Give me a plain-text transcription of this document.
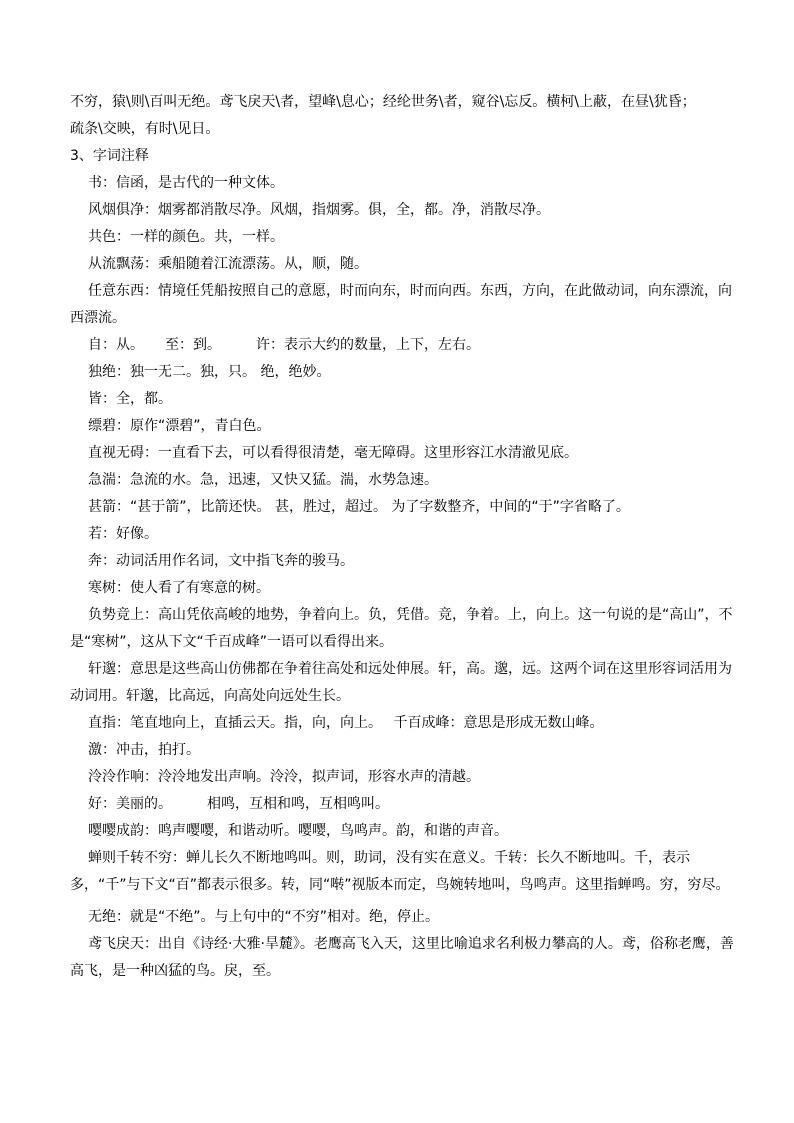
不穷，猿\则\百叫无绝。鸢飞戾天\者，望峰\息心；经纶世务\者，窥谷\忘反。横柯\上蔽，在昼\犹昏；

疏条\交映，有时\见日。

3、字词注释

书：信函，是古代的一种文体。

风烟俱净：烟雾都消散尽净。风烟，指烟雾。俱，全，都。净，消散尽净。

共色：一样的颜色。共，一样。

从流飘荡：乘船随着江流漂荡。从，顺，随。

任意东西：情境任凭船按照自己的意愿，时而向东，时而向西。东西，方向，在此做动词，向东漂流，向西漂流。

自：从。　　至：到。　　　许：表示大约的数量，上下，左右。

独绝：独一无二。独，只。 绝，绝妙。

皆：全，都。

缥碧：原作“漂碧”，青白色。

直视无碍：一直看下去，可以看得很清楚，毫无障碍。这里形容江水清澈见底。

急湍：急流的水。急，迅速，又快又猛。湍，水势急速。

甚箭：“甚于箭”，比箭还快。 甚，胜过，超过。 为了字数整齐，中间的“于”字省略了。

若：好像。

奔：动词活用作名词，文中指飞奔的骏马。

寒树：使人看了有寒意的树。

负势竞上：高山凭依高峻的地势，争着向上。负，凭借。竞，争着。上，向上。这一句说的是“高山”，不是“寒树”，这从下文“千百成峰”一语可以看得出来。

轩邈：意思是这些高山仿佛都在争着往高处和远处伸展。轩，高。邈，远。这两个词在这里形容词活用为动词用。轩邈，比高远，向高处向远处生长。

直指：笔直地向上，直插云天。指，向，向上。　 千百成峰：意思是形成无数山峰。

激：冲击，拍打。

泠泠作响：泠泠地发出声响。泠泠，拟声词，形容水声的清越。

好：美丽的。　　　相鸣，互相和鸣，互相鸣叫。

嘤嘤成韵：鸣声嘤嘤，和谐动听。嘤嘤，鸟鸣声。韵，和谐的声音。

蝉则千转不穷：蝉儿长久不断地鸣叫。则，助词，没有实在意义。千转：长久不断地叫。千，表示多，“千”与下文“百”都表示很多。转，同“啭”视版本而定，鸟婉转地叫，鸟鸣声。这里指蝉鸣。穷，穷尽。

无绝：就是“不绝”。与上句中的“不穷”相对。绝，停止。

鸢飞戾天：出自《诗经·大雅·旱麓》。老鹰高飞入天，这里比喻追求名利极力攀高的人。鸢，俗称老鹰，善高飞，是一种凶猛的鸟。戾，至。
